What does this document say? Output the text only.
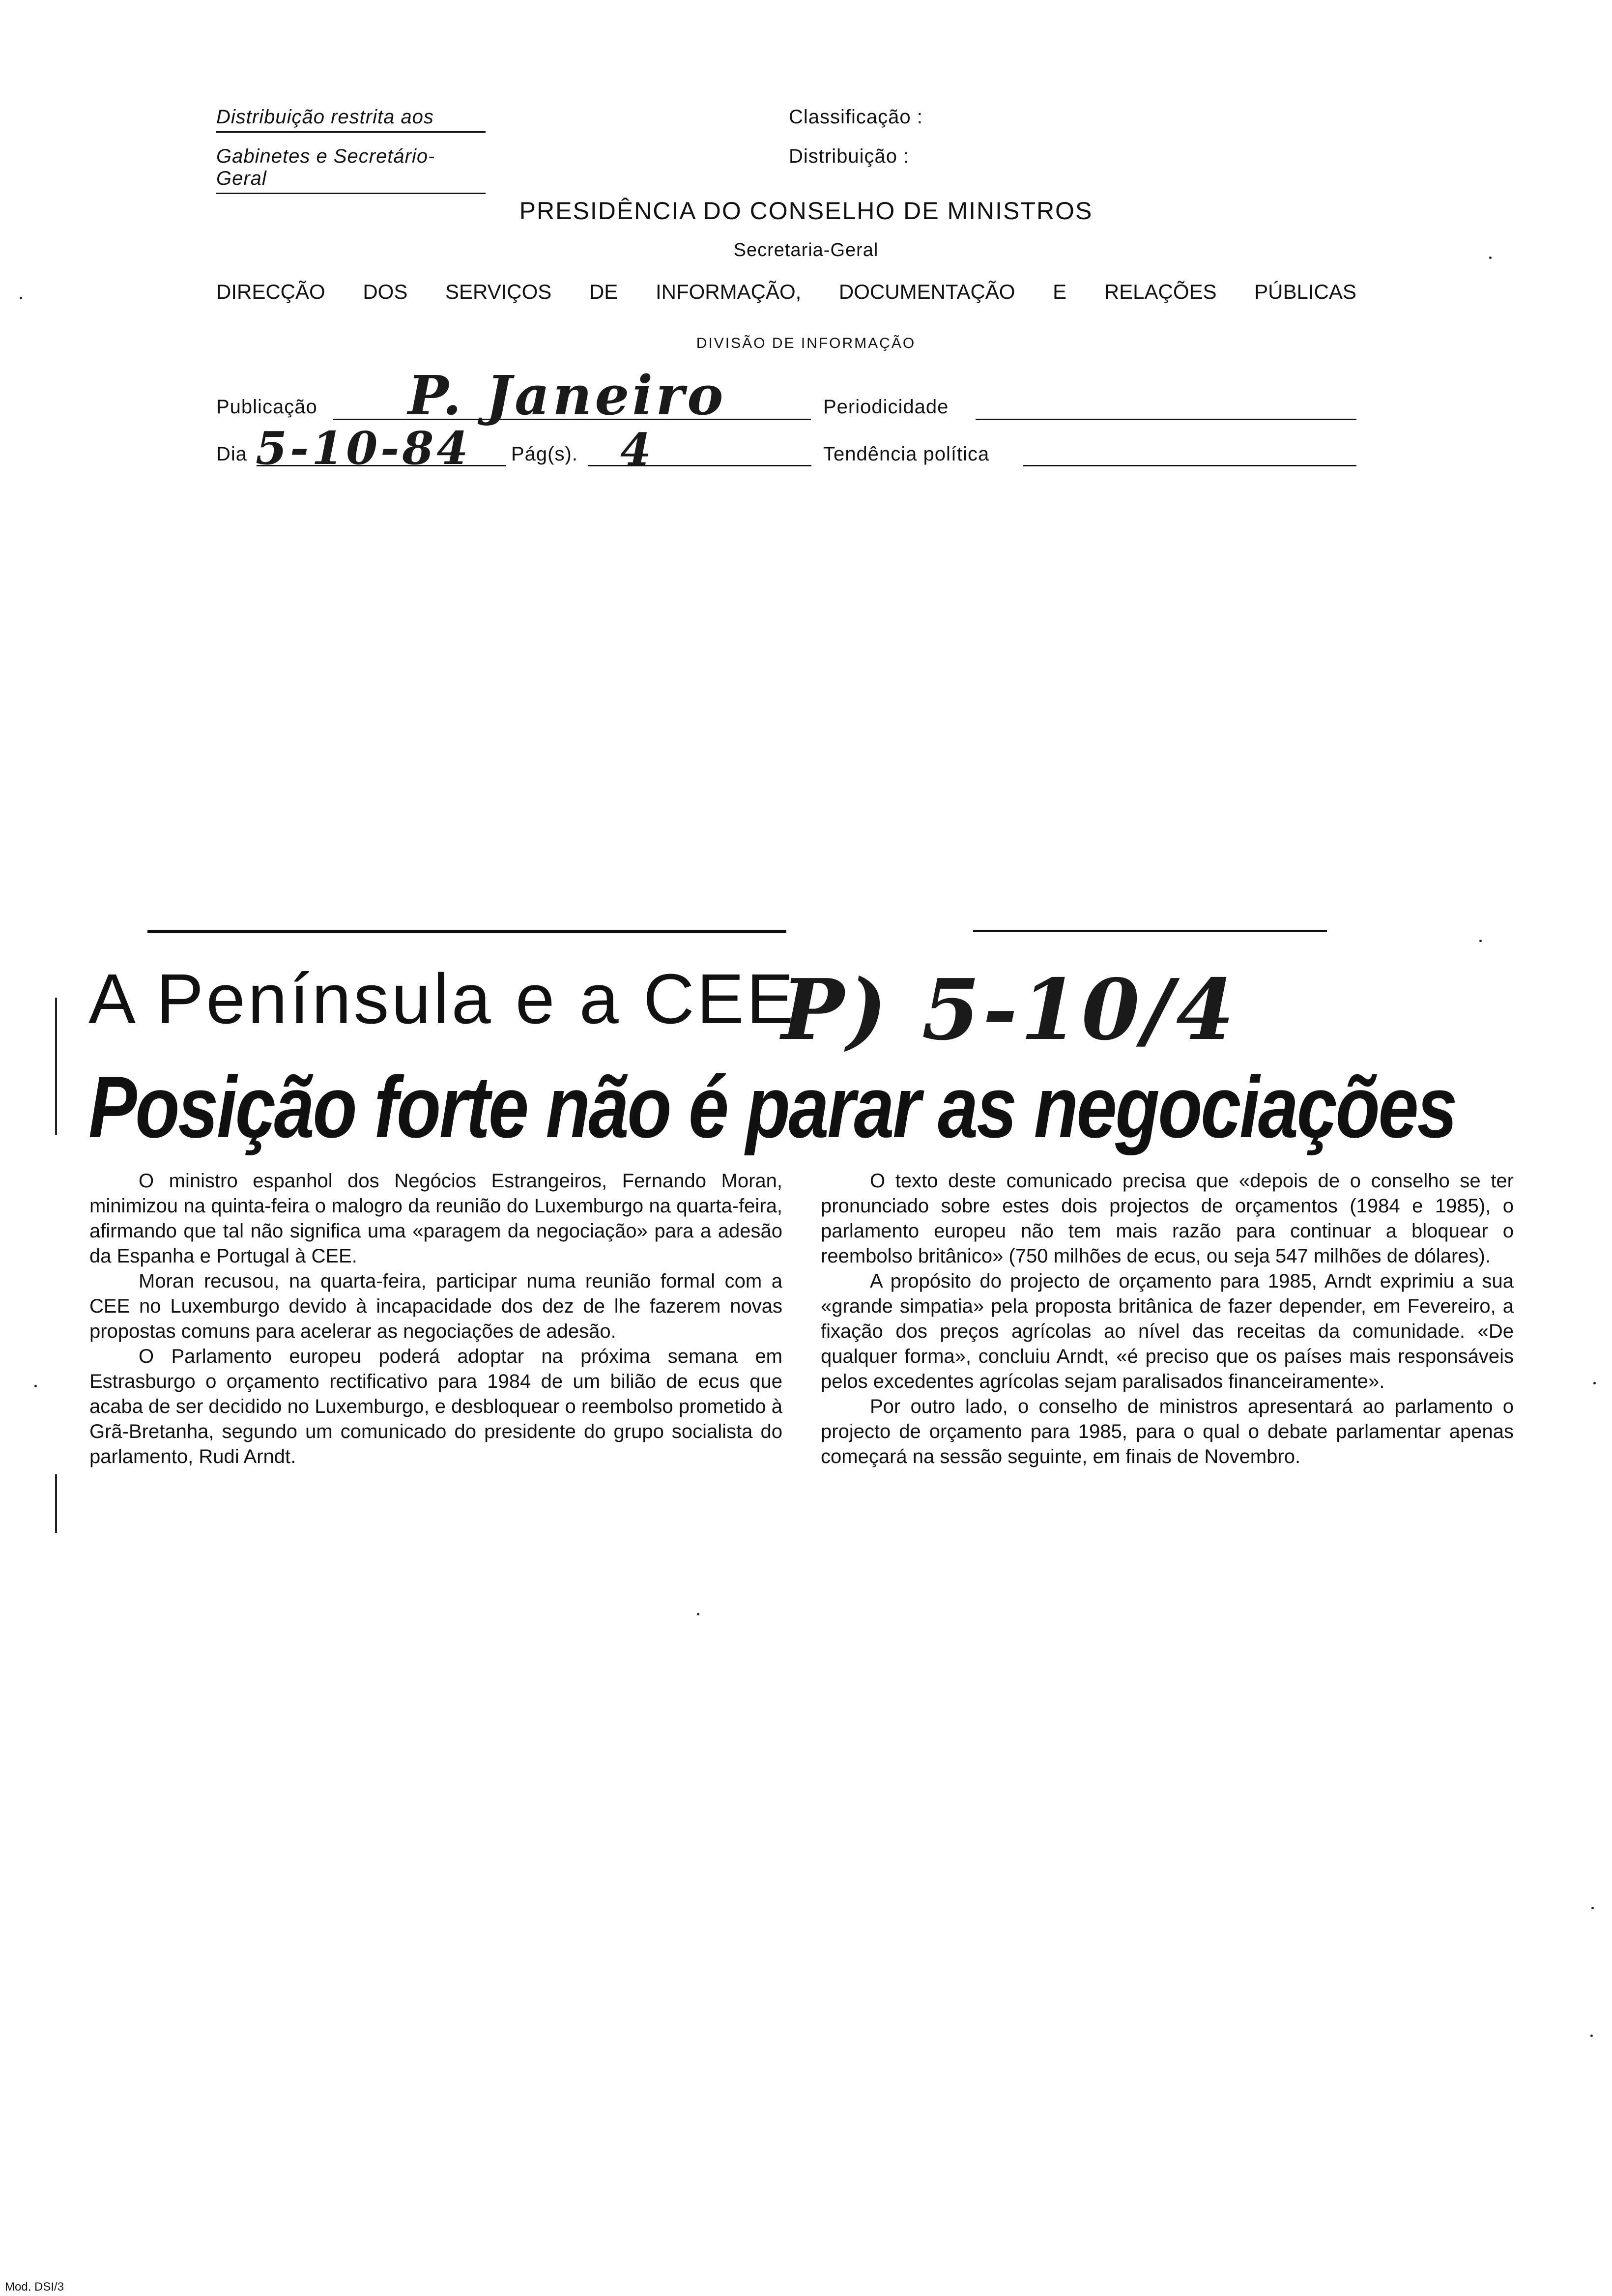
Distribuição restrita aos
Gabinetes e Secretário-Geral
Classificação :
Distribuição :
PRESIDÊNCIA DO CONSELHO DE MINISTROS
Secretaria-Geral
DIRECÇÃO DOS SERVIÇOS DE INFORMAÇÃO, DOCUMENTAÇÃO E RELAÇÕES PÚBLICAS
DIVISÃO DE INFORMAÇÃO
Publicação P. Janeiro	Periodicidade
Dia 5-10-84 Pág(s). 4	Tendência política
A Península e a CEE
P) 5-10/4
Posição forte não é parar as negociações

O ministro espanhol dos Negócios Estrangeiros, Fernando Moran, minimizou na quinta-feira o malogro da reunião do Luxemburgo na quarta-feira, afirmando que tal não significa uma «paragem da negociação» para a adesão da Espanha e Portugal à CEE.

Moran recusou, na quarta-feira, participar numa reunião formal com a CEE no Luxemburgo devido à incapacidade dos dez de lhe fazerem novas propostas comuns para acelerar as negociações de adesão.

O Parlamento europeu poderá adoptar na próxima semana em Estrasburgo o orçamento rectificativo para 1984 de um bilião de ecus que acaba de ser decidido no Luxemburgo, e desbloquear o reembolso prometido à Grã-Bretanha, segundo um comunicado do presidente do grupo socialista do parlamento, Rudi Arndt.

O texto deste comunicado precisa que «depois de o conselho se ter pronunciado sobre estes dois projectos de orçamentos (1984 e 1985), o parlamento europeu não tem mais razão para continuar a bloquear o reembolso britânico» (750 milhões de ecus, ou seja 547 milhões de dólares).

A propósito do projecto de orçamento para 1985, Arndt exprimiu a sua «grande simpatia» pela proposta britânica de fazer depender, em Fevereiro, a fixação dos preços agrícolas ao nível das receitas da comunidade. «De qualquer forma», concluiu Arndt, «é preciso que os países mais responsáveis pelos excedentes agrícolas sejam paralisados financeiramente».

Por outro lado, o conselho de ministros apresentará ao parlamento o projecto de orçamento para 1985, para o qual o debate parlamentar apenas começará na sessão seguinte, em finais de Novembro.

Mod. DSI/3
